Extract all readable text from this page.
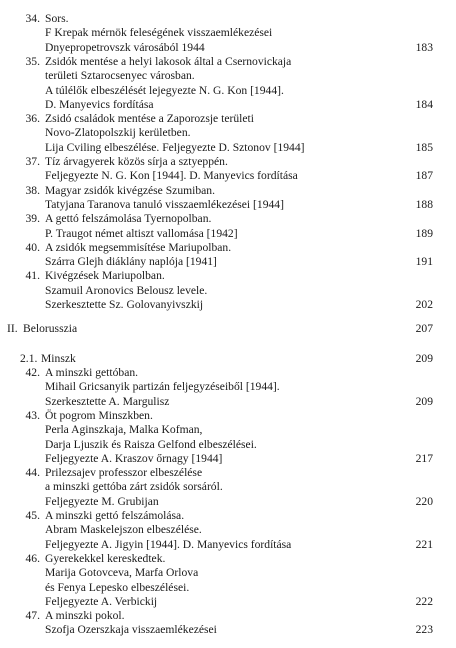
34. Sors.
F Krepak mérnök feleségének visszaemlékezései
Dnyepropetrovszk városából 1944	183
35. Zsidók mentése a helyi lakosok által a Csernovickaja
területi Sztarocsenyec városban.
A túlélők elbeszélését lejegyezte N. G. Kon [1944].
D. Manyevics fordítása	184
36. Zsidó családok mentése a Zaporozsje területi
Novo-Zlatopolszkij kerületben.
Lija Cviling elbeszélése. Feljegyezte D. Sztonov [1944]	185
37. Tíz árvagyerek közös sírja a sztyeppén.
Feljegyezte N. G. Kon [1944]. D. Manyevics fordítása	187
38. Magyar zsidók kivégzése Szumiban.
Tatyjana Taranova tanuló visszaemlékezései [1944]	188
39. A gettó felszámolása Tyernopolban.
P. Traugot német altiszt vallomása [1942]	189
40. A zsidók megsemmisítése Mariupolban.
Szárra Glejh diáklány naplója [1941]	191
41. Kivégzések Mariupolban.
Szamuil Aronovics Belousz levele.
Szerkesztette Sz. Golovanyivszkij	202
II. Belorusszia	207
2.1. Minszk	209
42. A minszki gettóban.
Mihail Gricsanyik partizán feljegyzéseiből [1944].
Szerkesztette A. Margulisz	209
43. Öt pogrom Minszkben.
Perla Aginszkaja, Malka Kofman,
Darja Ljuszik és Raisza Gelfond elbeszélései.
Feljegyezte A. Kraszov őrnagy [1944]	217
44. Prilezsajev professzor elbeszélése
a minszki gettóba zárt zsidók sorsáról.
Feljegyezte M. Grubijan	220
45. A minszki gettó felszámolása.
Abram Maskelejszon elbeszélése.
Feljegyezte A. Jigyin [1944]. D. Manyevics fordítása	221
46. Gyerekekkel kereskedtek.
Marija Gotovceva, Marfa Orlova
és Fenya Lepesko elbeszélései.
Feljegyezte A. Verbickij	222
47. A minszki pokol.
Szofja Ozerszkaja visszaemlékezései	223
